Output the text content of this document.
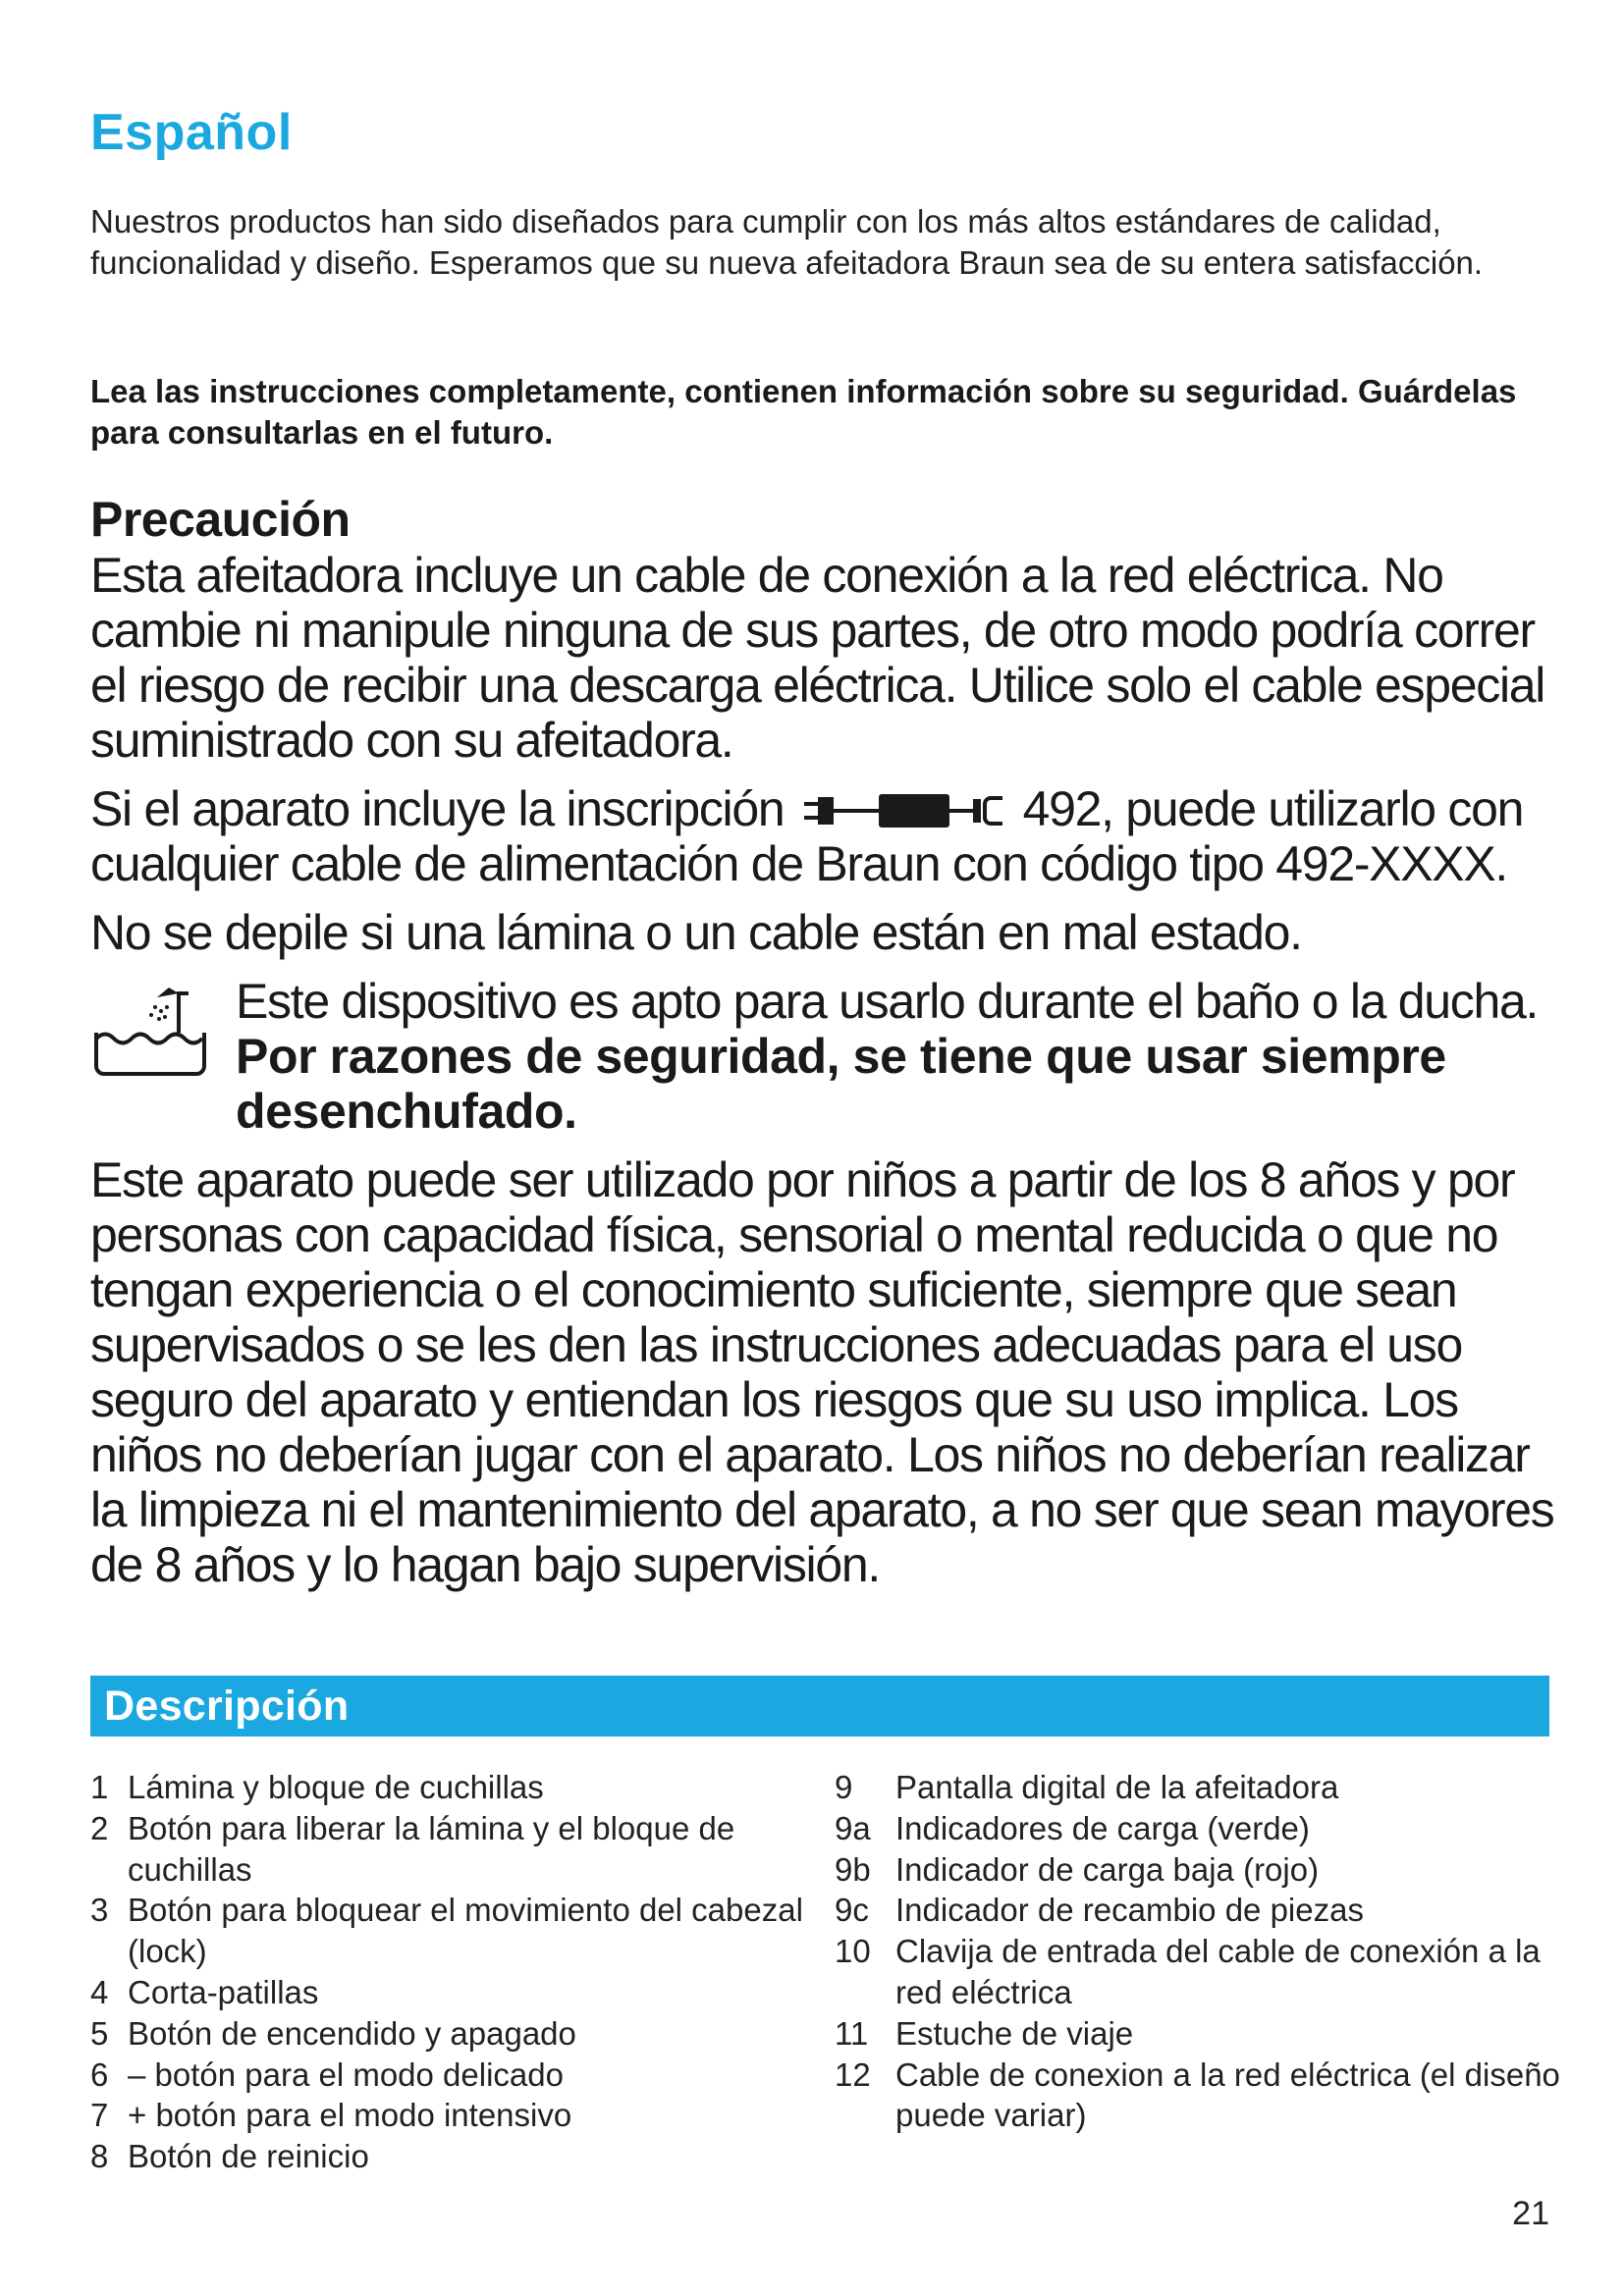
Español

Nuestros productos han sido diseñados para cumplir con los más altos estándares de calidad, funcionalidad y diseño. Esperamos que su nueva afeitadora Braun sea de su entera satisfacción.

Lea las instrucciones completamente, contienen información sobre su seguridad. Guárdelas para consultarlas en el futuro.

Precaución

Esta afeitadora incluye un cable de conexión a la red eléctrica. No cambie ni manipule ninguna de sus partes, de otro modo podría correr el riesgo de recibir una descarga eléctrica. Utilice solo el cable especial suministrado con su afeitadora.

Si el aparato incluye la inscripción	492, puede utilizarlo con cualquier cable de alimentación de Braun con código tipo 492-XXXX.

No se depile si una lámina o un cable están en mal estado.

Este dispositivo es apto para usarlo durante el baño o la ducha.

Por razones de seguridad, se tiene que usar siempre desenchufado.

Este aparato puede ser utilizado por niños a partir de los 8 años y por personas con capacidad física, sensorial o mental reducida o que no tengan experiencia o el conocimiento suficiente, siempre que sean supervisados o se les den las instrucciones adecuadas para el uso seguro del aparato y entiendan los riesgos que su uso implica. Los niños no deberían jugar con el aparato. Los niños no deberían realizar la limpieza ni el mantenimiento del aparato, a no ser que sean mayores de 8 años y lo hagan bajo supervisión.

Descripción
1 Lámina y bloque de cuchillas
2 Botón para liberar la lámina y el bloque de cuchillas
3 Botón para bloquear el movimiento del cabezal (lock)
4 Corta-patillas
5 Botón de encendido y apagado
6 – botón para el modo delicado
7 + botón para el modo intensivo
8 Botón de reinicio
9	Pantalla digital de la afeitadora
9a Indicadores de carga (verde)
9b Indicador de carga baja (rojo)
9c Indicador de recambio de piezas
10 Clavija de entrada del cable de conexión a la red eléctrica
11 Estuche de viaje
12 Cable de conexion a la red eléctrica (el diseño puede variar)

21
